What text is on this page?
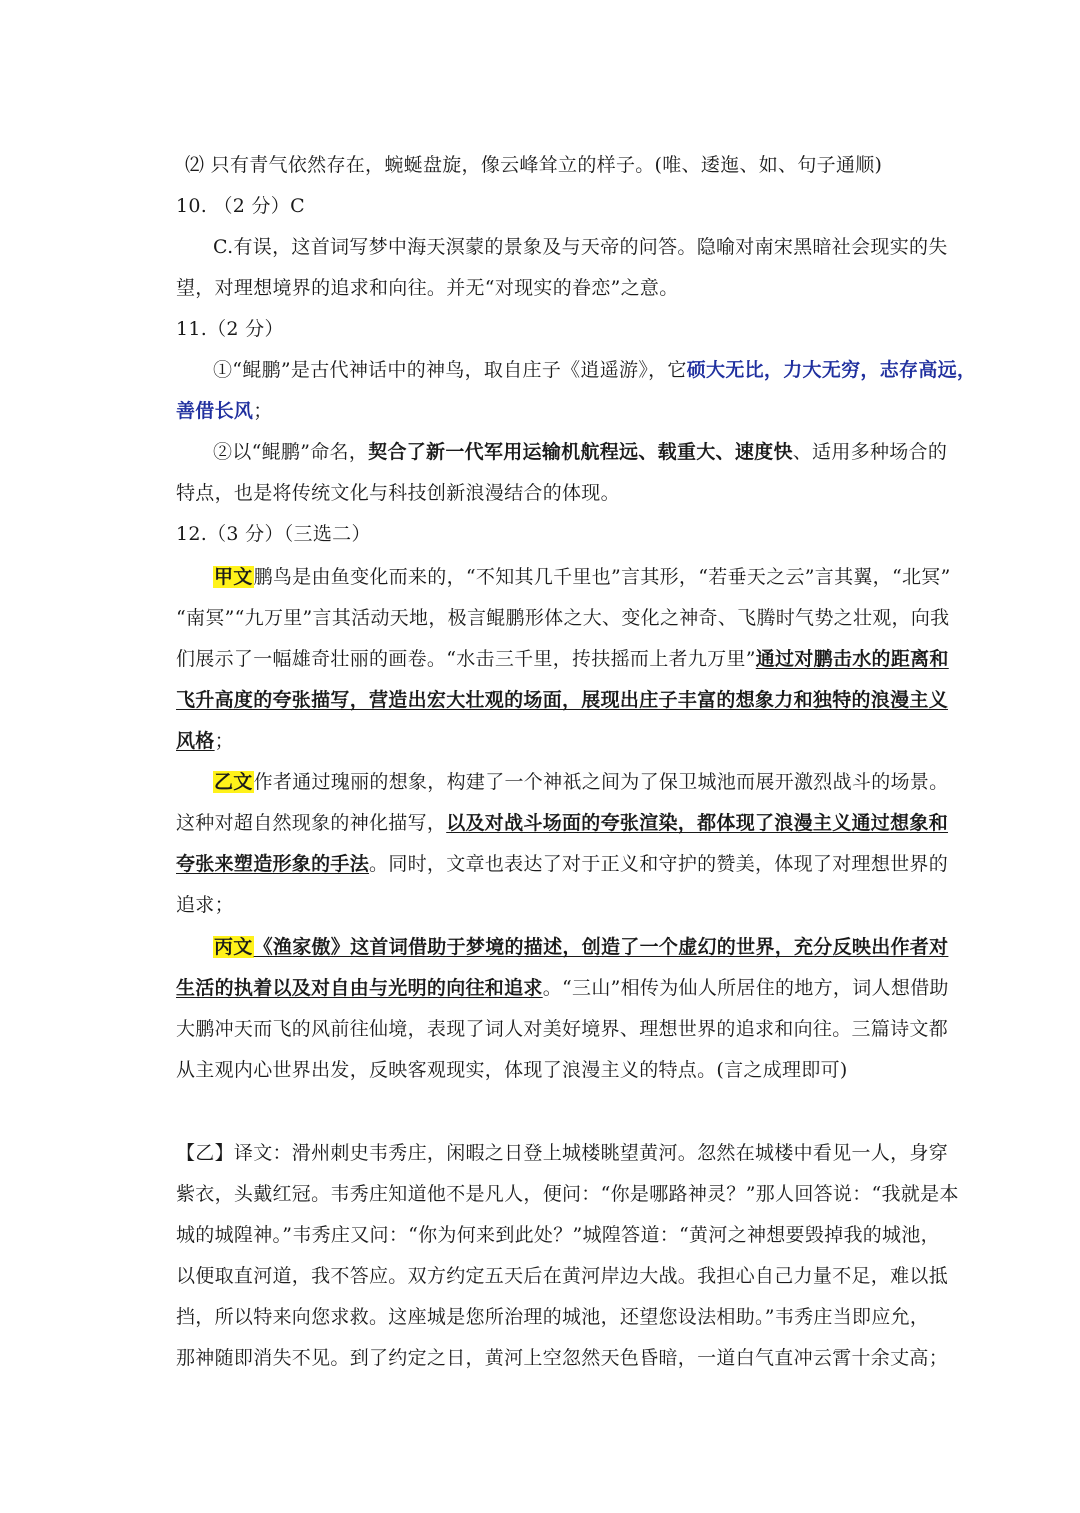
⑵ 只有青气依然存在，蜿蜒盘旋，像云峰耸立的样子。(唯、逶迤、如、句子通顺)
10. （2 分）C
C.有误，这首词写梦中海天溟蒙的景象及与天帝的问答。隐喻对南宋黑暗社会现实的失
望，对理想境界的追求和向往。并无“对现实的眷恋”之意。
11.（2 分）
①“鲲鹏”是古代神话中的神鸟，取自庄子《逍遥游》，它硕大无比，力大无穷，志存高远，
善借长风；
②以“鲲鹏”命名，契合了新一代军用运输机航程远、载重大、速度快、适用多种场合的
特点，也是将传统文化与科技创新浪漫结合的体现。
12.（3 分）（三选二）
甲文鹏鸟是由鱼变化而来的，“不知其几千里也”言其形，“若垂天之云”言其翼，“北冥”
“南冥”“九万里”言其活动天地，极言鲲鹏形体之大、变化之神奇、飞腾时气势之壮观，向我
们展示了一幅雄奇壮丽的画卷。“水击三千里，抟扶摇而上者九万里”通过对鹏击水的距离和
飞升高度的夸张描写，营造出宏大壮观的场面，展现出庄子丰富的想象力和独特的浪漫主义
风格；
乙文作者通过瑰丽的想象，构建了一个神祇之间为了保卫城池而展开激烈战斗的场景。
这种对超自然现象的神化描写，以及对战斗场面的夸张渲染，都体现了浪漫主义通过想象和
夸张来塑造形象的手法。同时，文章也表达了对于正义和守护的赞美，体现了对理想世界的
追求；
丙文《渔家傲》这首词借助于梦境的描述，创造了一个虚幻的世界，充分反映出作者对
生活的执着以及对自由与光明的向往和追求。“三山”相传为仙人所居住的地方，词人想借助
大鹏冲天而飞的风前往仙境，表现了词人对美好境界、理想世界的追求和向往。三篇诗文都
从主观内心世界出发，反映客观现实，体现了浪漫主义的特点。(言之成理即可)
【乙】译文：滑州刺史韦秀庄，闲暇之日登上城楼眺望黄河。忽然在城楼中看见一人，身穿
紫衣，头戴红冠。韦秀庄知道他不是凡人，便问：“你是哪路神灵？”那人回答说：“我就是本
城的城隍神。”韦秀庄又问：“你为何来到此处？”城隍答道：“黄河之神想要毁掉我的城池，
以便取直河道，我不答应。双方约定五天后在黄河岸边大战。我担心自己力量不足，难以抵
挡，所以特来向您求救。这座城是您所治理的城池，还望您设法相助。”韦秀庄当即应允，
那神随即消失不见。到了约定之日，黄河上空忽然天色昏暗，一道白气直冲云霄十余丈高；
